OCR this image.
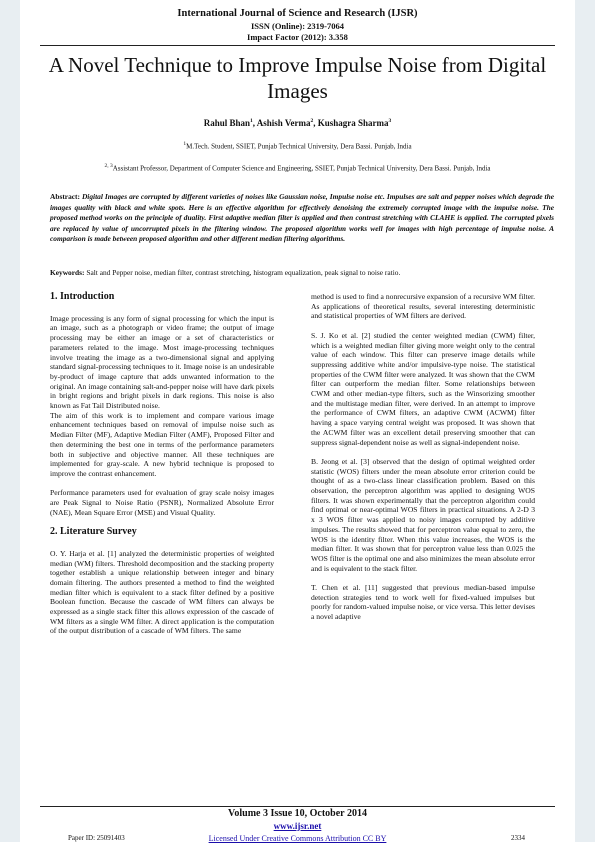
International Journal of Science and Research (IJSR)
ISSN (Online): 2319-7064
Impact Factor (2012): 3.358
A Novel Technique to Improve Impulse Noise from Digital Images
Rahul Bhan$^1$, Ashish Verma$^2$, Kushagra Sharma$^3$
$^1$M.Tech. Student, SSIET, Punjab Technical University, Dera Bassi. Punjab, India
$^{2, 3}$Assistant Professor, Department of Computer Science and Engineering, SSIET, Punjab Technical University, Dera Bassi. Punjab, India
Abstract: Digital Images are corrupted by different varieties of noises like Gaussian noise, Impulse noise etc. Impulses are salt and pepper noises which degrade the images quality with black and white spots. Here is an effective algorithm for effectively denoising the extremely corrupted image with the impulse noise. The proposed method works on the principle of duality. First adaptive median filter is applied and then contrast stretching with CLAHE is applied. The corrupted pixels are replaced by value of uncorrupted pixels in the filtering window. The proposed algorithm works well for images with high percentage of impulse noise. A comparison is made between proposed algorithm and other different median filtering algorithms.
Keywords: Salt and Pepper noise, median filter, contrast stretching, histogram equalization, peak signal to noise ratio.
1. Introduction

Image processing is any form of signal processing for which the input is an image, such as a photograph or video frame; the output of image processing may be either an image or a set of characteristics or parameters related to the image. Most image-processing techniques involve treating the image as a two-dimensional signal and applying standard signal-processing techniques to it. Image noise is an undesirable by-product of image capture that adds unwanted information to the original. An image containing salt-and-pepper noise will have dark pixels in bright regions and bright pixels in dark regions. This noise is also known as Fat Tail Distributed noise.

The aim of this work is to implement and compare various image enhancement techniques based on removal of impulse noise such as Median Filter (MF), Adaptive Median Filter (AMF), Proposed Filter and then determining the best one in terms of the performance parameters both in subjective and objective manner. All these techniques are implemented for gray-scale. A new hybrid technique is proposed to improve the contrast enhancement.

Performance parameters used for evaluation of gray scale noisy images are Peak Signal to Noise Ratio (PSNR), Normalized Absolute Error (NAE), Mean Square Error (MSE) and Visual Quality.

2. Literature Survey

O. Y. Harja et al. [1] analyzed the deterministic properties of weighted median (WM) filters. Threshold decomposition and the stacking property together establish a unique relationship between integer and binary domain filtering. The authors presented a method to find the weighted median filter which is equivalent to a stack filter defined by a positive Boolean function. Because the cascade of WM filters can always be expressed as a single stack filter this allows expression of the cascade of WM filters as a single WM filter. A direct application is the computation of the output distribution of a cascade of WM filters. The same

method is used to find a nonrecursive expansion of a recursive WM filter. As applications of theoretical results, several interesting deterministic and statistical properties of WM filters are derived.

S. J. Ko et al. [2] studied the center weighted median (CWM) filter, which is a weighted median filter giving more weight only to the central value of each window. This filter can preserve image details while suppressing additive white and/or impulsive-type noise. The statistical properties of the CWM filter were analyzed. It was shown that the CWM filter can outperform the median filter. Some relationships between CWM and other median-type filters, such as the Winsorizing smoother and the multistage median filter, were derived. In an attempt to improve the performance of CWM filters, an adaptive CWM (ACWM) filter having a space varying central weight was proposed. It was shown that the ACWM filter was an excellent detail preserving smoother that can suppress signal-dependent noise as well as signal-independent noise.

B. Jeong et al. [3] observed that the design of optimal weighted order statistic (WOS) filters under the mean absolute error criterion could be thought of as a two-class linear classification problem. Based on this observation, the perceptron algorithm was applied to designing WOS filters. It was shown experimentally that the perceptron algorithm could find optimal or near-optimal WOS filters in practical situations. A 2-D 3 x 3 WOS filter was applied to noisy images corrupted by additive impulses. The results showed that for perceptron value equal to zero, the WOS is the identity filter. When this value increases, the WOS is the median filter. It was shown that for perceptron value less than 0.025 the WOS filter is the optimal one and also minimizes the mean absolute error and is equivalent to the stack filter.

T. Chen et al. [11] suggested that previous median-based impulse detection strategies tend to work well for fixed-valued impulses but poorly for random-valued impulse noise, or vice versa. This letter devises a novel adaptive

Volume 3 Issue 10, October 2014
www.ijsr.net
Licensed Under Creative Commons Attribution CC BY
Paper ID: 25091403	2334
